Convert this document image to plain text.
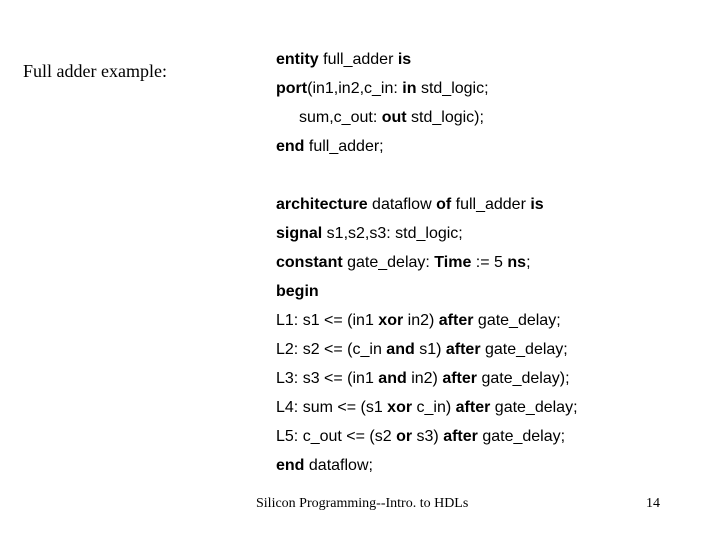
Full adder example:
entity full_adder is
port(in1,in2,c_in: in std_logic;
sum,c_out: out std_logic);
end full_adder;
architecture dataflow of full_adder is
signal s1,s2,s3: std_logic;
constant gate_delay: Time := 5 ns;
begin
L1: s1 <= (in1 xor in2) after gate_delay;
L2: s2 <= (c_in and s1) after gate_delay;
L3: s3 <= (in1 and in2) after gate_delay);
L4: sum <= (s1 xor c_in) after gate_delay;
L5: c_out <= (s2 or s3) after gate_delay;
end dataflow;
Silicon Programming--Intro. to HDLs	14
